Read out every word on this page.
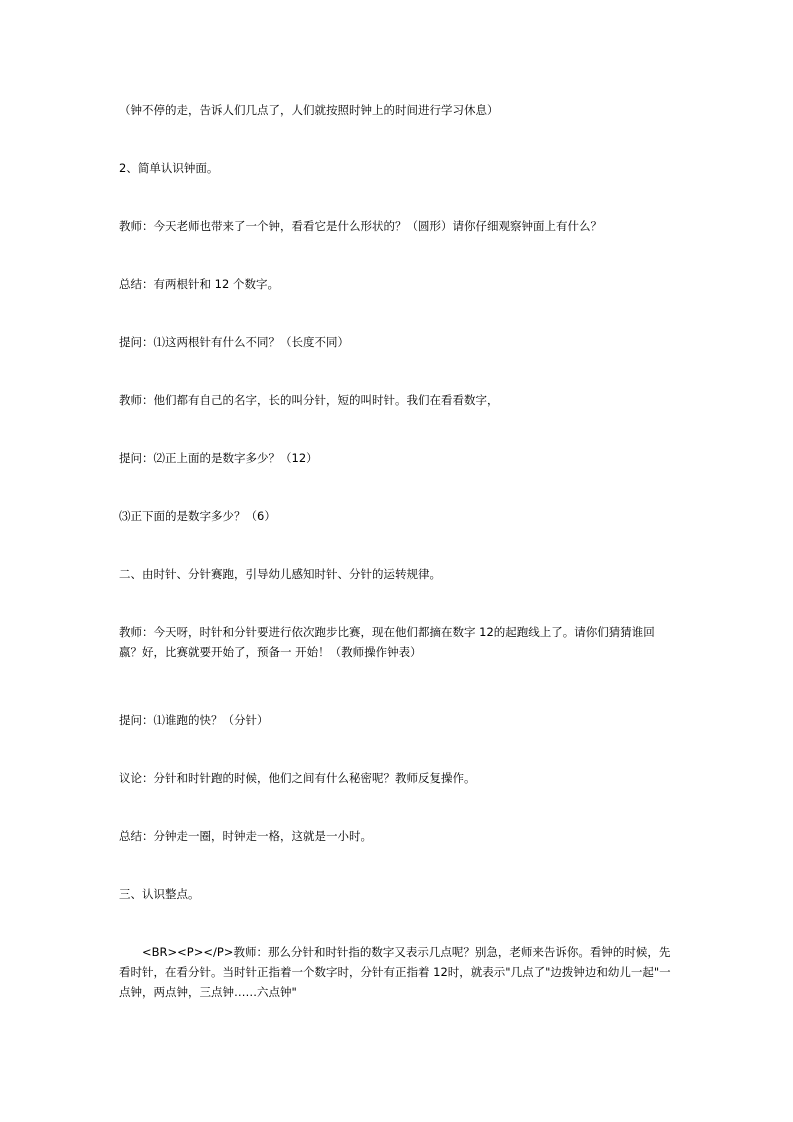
（钟不停的走，告诉人们几点了，人们就按照时钟上的时间进行学习休息）

2、简单认识钟面。

教师：今天老师也带来了一个钟，看看它是什么形状的？（圆形）请你仔细观察钟面上有什么？

总结：有两根针和 12 个数字。

提问：⑴这两根针有什么不同？（长度不同）

教师：他们都有自己的名字，长的叫分针，短的叫时针。我们在看看数字，

提问：⑵正上面的是数字多少？（12）

⑶正下面的是数字多少？（6）

二、由时针、分针赛跑，引导幼儿感知时针、分针的运转规律。

教师：今天呀，时针和分针要进行依次跑步比赛，现在他们都摘在数字 12的起跑线上了。请你们猜猜谁回嬴？好，比赛就要开始了，预备一 开始！（教师操作钟表）

提问：⑴谁跑的快？（分针）

议论：分针和时针跑的时候，他们之间有什么秘密呢？教师反复操作。

总结：分钟走一圈，时钟走一格，这就是一小时。

三、认识整点。

<BR><P></P>教师：那么分针和时针指的数字又表示几点呢？别急，老师来告诉你。看钟的时候，先看时针，在看分针。当时针正指着一个数字时，分针有正指着 12时，就表示"几点了"边拨钟边和幼儿一起"一点钟，两点钟，三点钟……六点钟"
